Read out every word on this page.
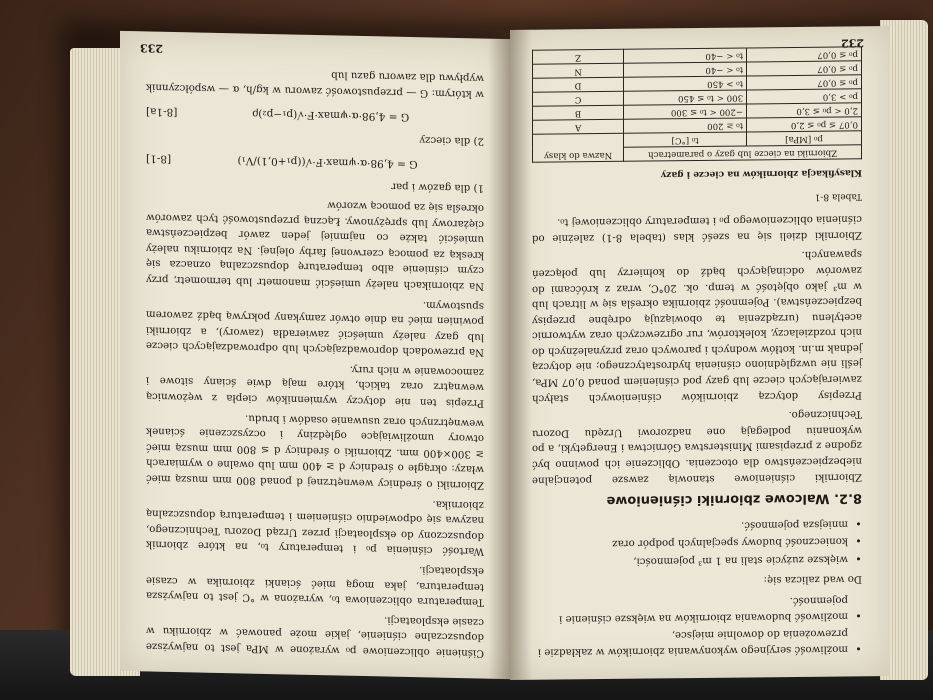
Ciśnienie obliczeniowe p₀ wyrażone w MPa jest to najwyższe dopuszczalne ciśnienie, jakie może panować w zbiorniku w czasie eksploatacji.

Temperatura obliczeniowa t₀, wyrażona w °C jest to najwyższa temperatura, jaka mogą mieć ścianki zbiornika w czasie eksploatacji.

Wartość ciśnienia p₀ i temperatury t₀, na które zbiornik dopuszczony do eksploatacji przez Urząd Dozoru Technicznego, nazywa się odpowiednio ciśnieniem i temperaturą dopuszczalną zbiornika.

Zbiorniki o średnicy wewnętrznej d ponad 800 mm muszą mieć włazy: okrągłe o średnicy d ≥ 400 mm lub owalne o wymiarach ≥ 300×400 mm. Zbiorniki o średnicy d ≤ 800 mm muszą mieć otwory umożliwiające oględziny i oczyszczenie ścianek wewnętrznych oraz usuwanie osadów i brudu.

Przepis ten nie dotyczy wymienników ciepła z wężownicą wewnątrz oraz takich, które mają dwie ściany sitowe i zamocowanie w nich rury.

Na przewodach doprowadzających lub odprowadzających ciecze lub gazy należy umieścić zawieradła (zawory), a zbiorniki powinien mieć na dnie otwór zamykany pokrywą bądź zaworem spustowym.

Na zbiornikach należy umieścić manometr lub termometr, przy czym ciśnienie albo temperaturę dopuszczalną oznacza się kreską za pomocą czerwonej farby olejnej. Na zbiorniku należy umieścić także co najmniej jeden zawór bezpieczeństwa ciężarowy lub sprężynowy. Łączną przepustowość tych zaworów określa się za pomocą wzorów

1) dla gazów i par

G = 4,98·α·ψmax·F·√((p₁+0,1)/V₁)
[8-1]

2) dla cieczy

G = 4,98·α·ψmax·F·√(p₁−p₂)ρ
[8-1a]

w którym: G — przepustowość zaworu w kg/h, α — współczynnik wypływu dla zaworu gazu lub

233
• możliwość seryjnego wykonywania zbiorników w zakładzie i przewożenia do dowolnie miejsce,
• możliwość budowania zbiorników na większe ciśnienie i pojemność.

Do wad zalicza się:

• większe zużycie stali na 1 m³ pojemności,
• konieczność budowy specjalnych podpór oraz
• mniejsza pojemność.
8.2. Walcowe zbiorniki ciśnieniowe

Zbiorniki ciśnieniowe stanowią zawsze potencjalne niebezpieczeństwo dla otoczenia. Obliczenie ich powinno być zgodne z przepisami Ministerstwa Górnictwa i Energetyki, a po wykonaniu podlegają one nadzorowi Urzędu Dozoru Technicznego.

Przepisy dotyczą zbiorników ciśnieniowych stałych zawierających ciecze lub gazy pod ciśnieniem ponad 0,07 MPa, jeśli nie uwzględniono ciśnienia hydrostatycznego; nie dotyczą jednak m.in. kotłów wodnych i parowych oraz przynależnych do nich rozdzielaczy, kolektorów, rur ogrzewczych oraz wytwornic acetylenu (urządzenia te obowiązują odrębne przepisy bezpieczeństwa). Pojemność zbiornika określa się w litrach lub w m³ jako objętość w temp. ok. 20°C, wraz z króćcami do zaworów odcinających bądź do kołnierzy lub połączeń spawanych.

Zbiorniki dzieli się na sześć klas (tabela 8-1) zależnie od ciśnienia obliczeniowego p₀ i temperatury obliczeniowej t₀.

Tabela 8-1
Klasyfikacja zbiorników na ciecze i gazy
Zbiorniki na ciecze lub gazy o parametrach		Nazwa do klasy
p₀ [MPa]	t₀ [°C]	
0,07 ≤ p₀ ≤ 2,0	t₀ ≥ 200	A
2,0 < p₀ ≤ 3,0	−200 < t₀ ≤ 300	B
p₀ > 3,0	300 < t₀ ≤ 450	C
p₀ ≤ 0,07	t₀ > 450	D
p₀ ≤ 0,07	t₀ < −40	N
p₀ ≤ 0,07	t₀ < −40	Z
232
